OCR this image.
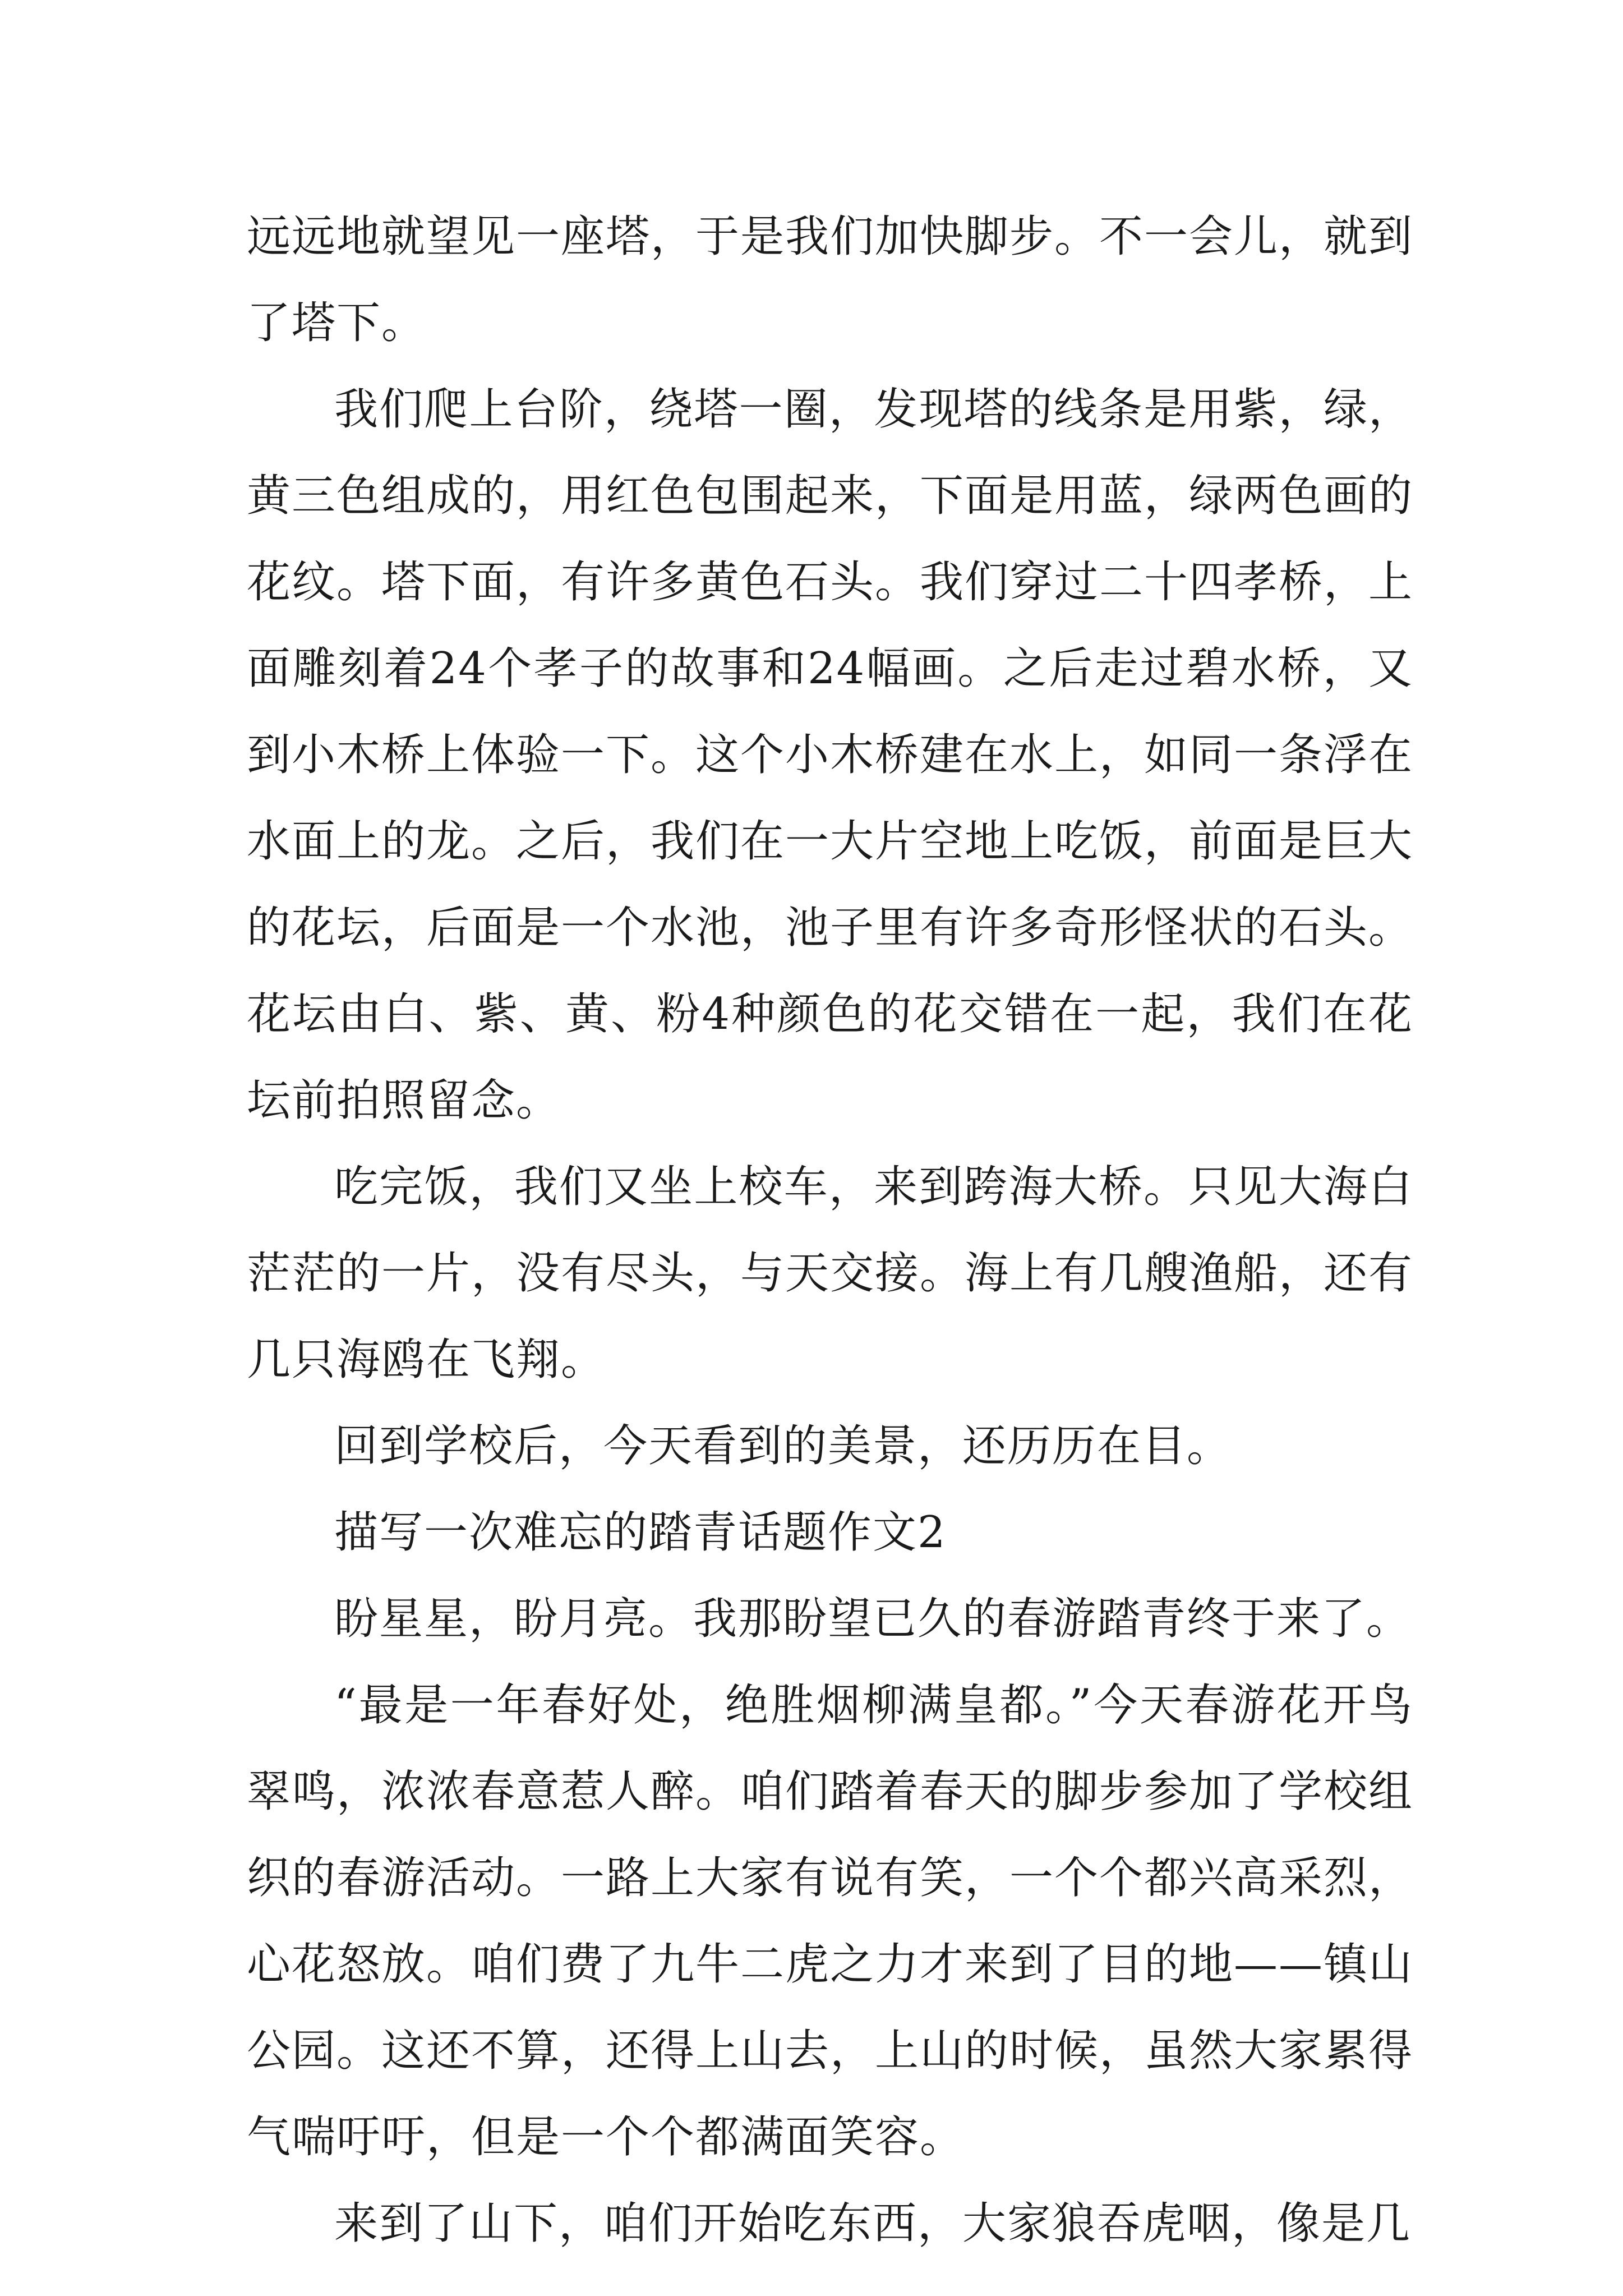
远远地就望见一座塔，于是我们加快脚步。不一会儿，就到了塔下。

我们爬上台阶，绕塔一圈，发现塔的线条是用紫，绿，黄三色组成的，用红色包围起来，下面是用蓝，绿两色画的花纹。塔下面，有许多黄色石头。我们穿过二十四孝桥，上面雕刻着24个孝子的故事和24幅画。之后走过碧水桥，又到小木桥上体验一下。这个小木桥建在水上，如同一条浮在水面上的龙。之后，我们在一大片空地上吃饭，前面是巨大的花坛，后面是一个水池，池子里有许多奇形怪状的石头。花坛由白、紫、黄、粉4种颜色的花交错在一起，我们在花坛前拍照留念。

吃完饭，我们又坐上校车，来到跨海大桥。只见大海白茫茫的一片，没有尽头，与天交接。海上有几艘渔船，还有几只海鸥在飞翔。

回到学校后，今天看到的美景，还历历在目。

描写一次难忘的踏青话题作文2

盼星星，盼月亮。我那盼望已久的春游踏青终于来了。

“最是一年春好处，绝胜烟柳满皇都。”今天春游花开鸟翠鸣，浓浓春意惹人醉。咱们踏着春天的脚步参加了学校组织的春游活动。一路上大家有说有笑，一个个都兴高采烈，心花怒放。咱们费了九牛二虎之力才来到了目的地——镇山公园。这还不算，还得上山去，上山的时候，虽然大家累得气喘吁吁，但是一个个都满面笑容。

来到了山下，咱们开始吃东西，大家狼吞虎咽，像是几
